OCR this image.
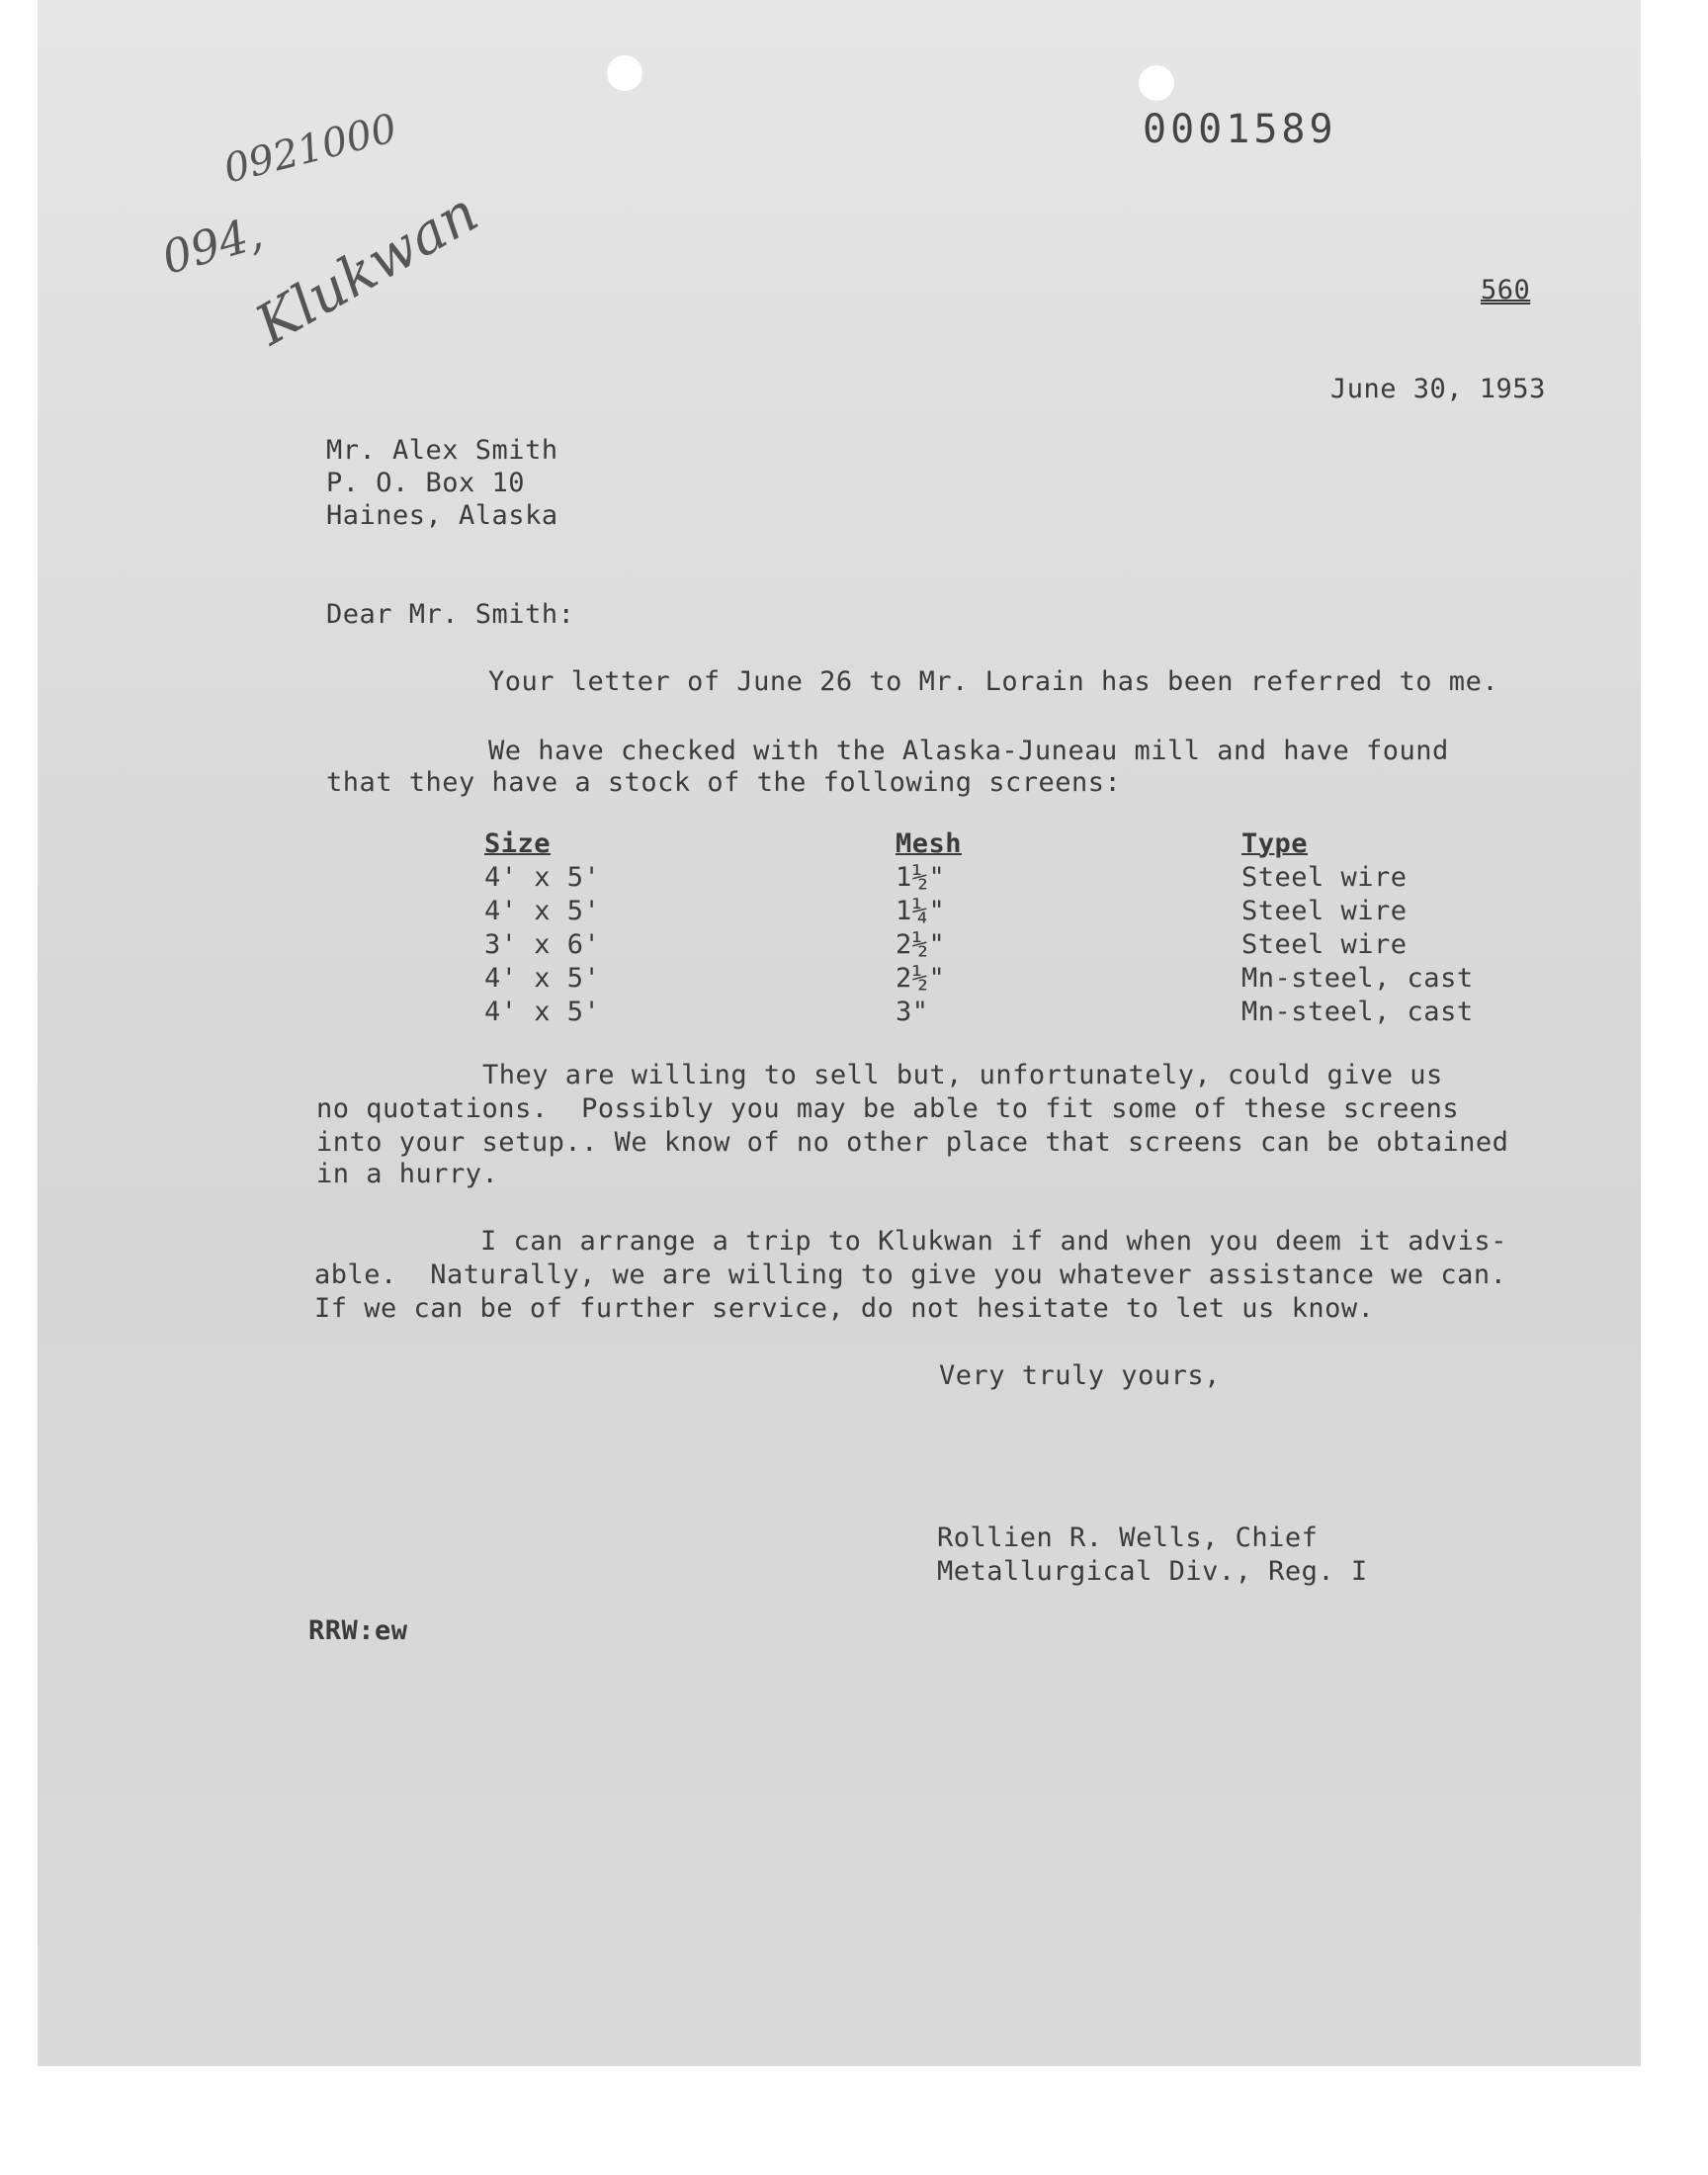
0921000
094,
Klukwan
0001589
560
June 30, 1953
Mr. Alex Smith
P. O. Box 10
Haines, Alaska
Dear Mr. Smith:
Your letter of June 26 to Mr. Lorain has been referred to me.
We have checked with the Alaska-Juneau mill and have found
that they have a stock of the following screens:
Size	Mesh	Type
4' x 5'	1½"	Steel wire
4' x 5'	1¼"	Steel wire
3' x 6'	2½"	Steel wire
4' x 5'	2½"	Mn-steel, cast
4' x 5'	3"	Mn-steel, cast
They are willing to sell but, unfortunately, could give us
no quotations.  Possibly you may be able to fit some of these screens
into your setup.. We know of no other place that screens can be obtained
in a hurry.
I can arrange a trip to Klukwan if and when you deem it advis-
able.  Naturally, we are willing to give you whatever assistance we can.
If we can be of further service, do not hesitate to let us know.
Very truly yours,
Rollien R. Wells, Chief
Metallurgical Div., Reg. I
RRW:ew
